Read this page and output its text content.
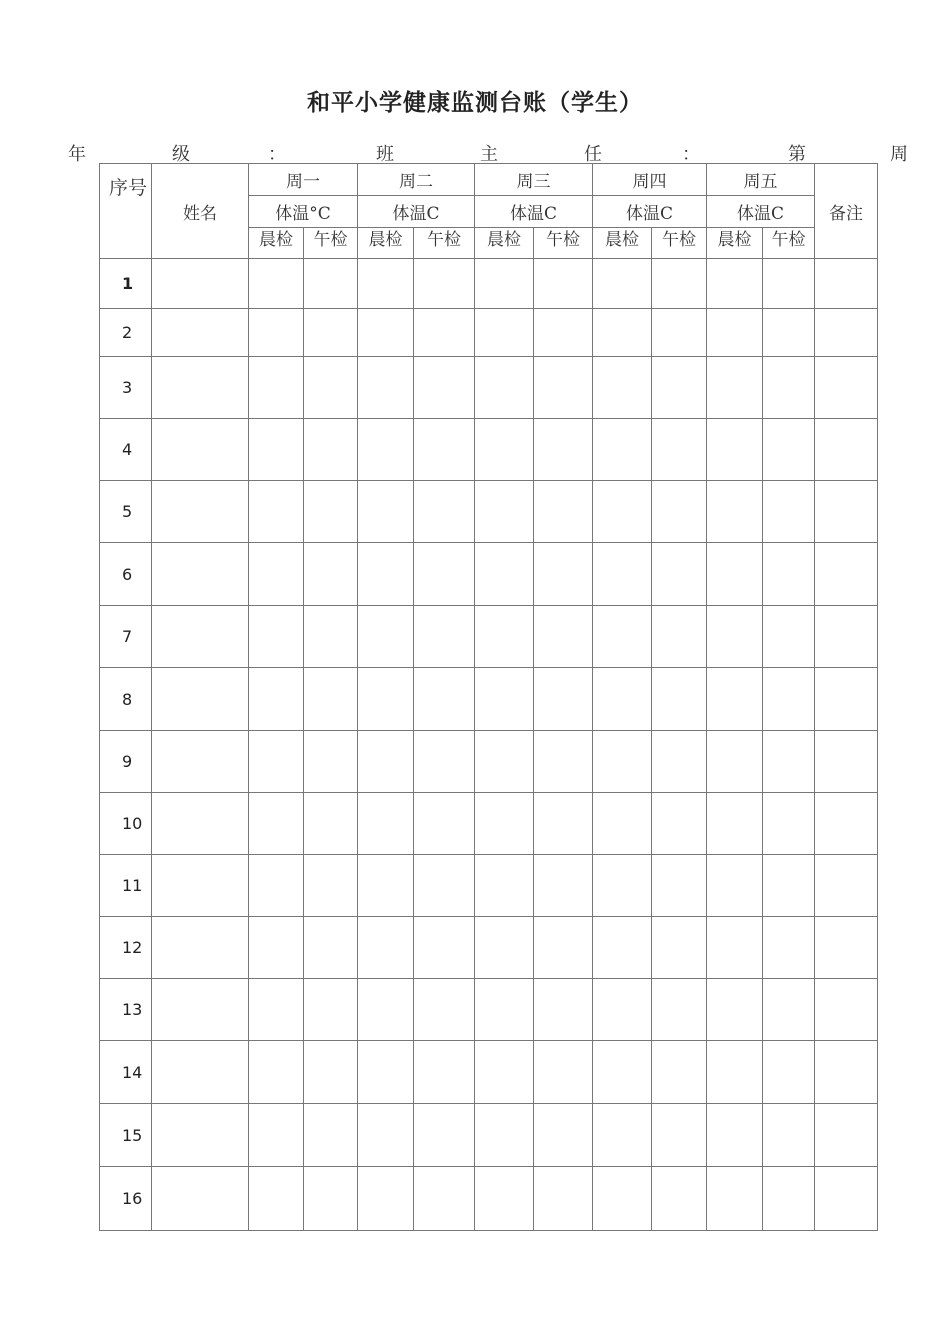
和平小学健康监测台账（学生）
年	级	：	班	主	任	：	第	周
序号	姓名	周一		周二		周三		周四		周五		备注
		体温°C		体温C		体温C		体温C		体温C		

		晨检	午检	晨检	午检	晨检	午检	晨检	午检	晨检	午检	

1												
2												
3												
4												
5												
6												
7												
8												
9												
10												
11												
12												
13												
14												
15												
16												
